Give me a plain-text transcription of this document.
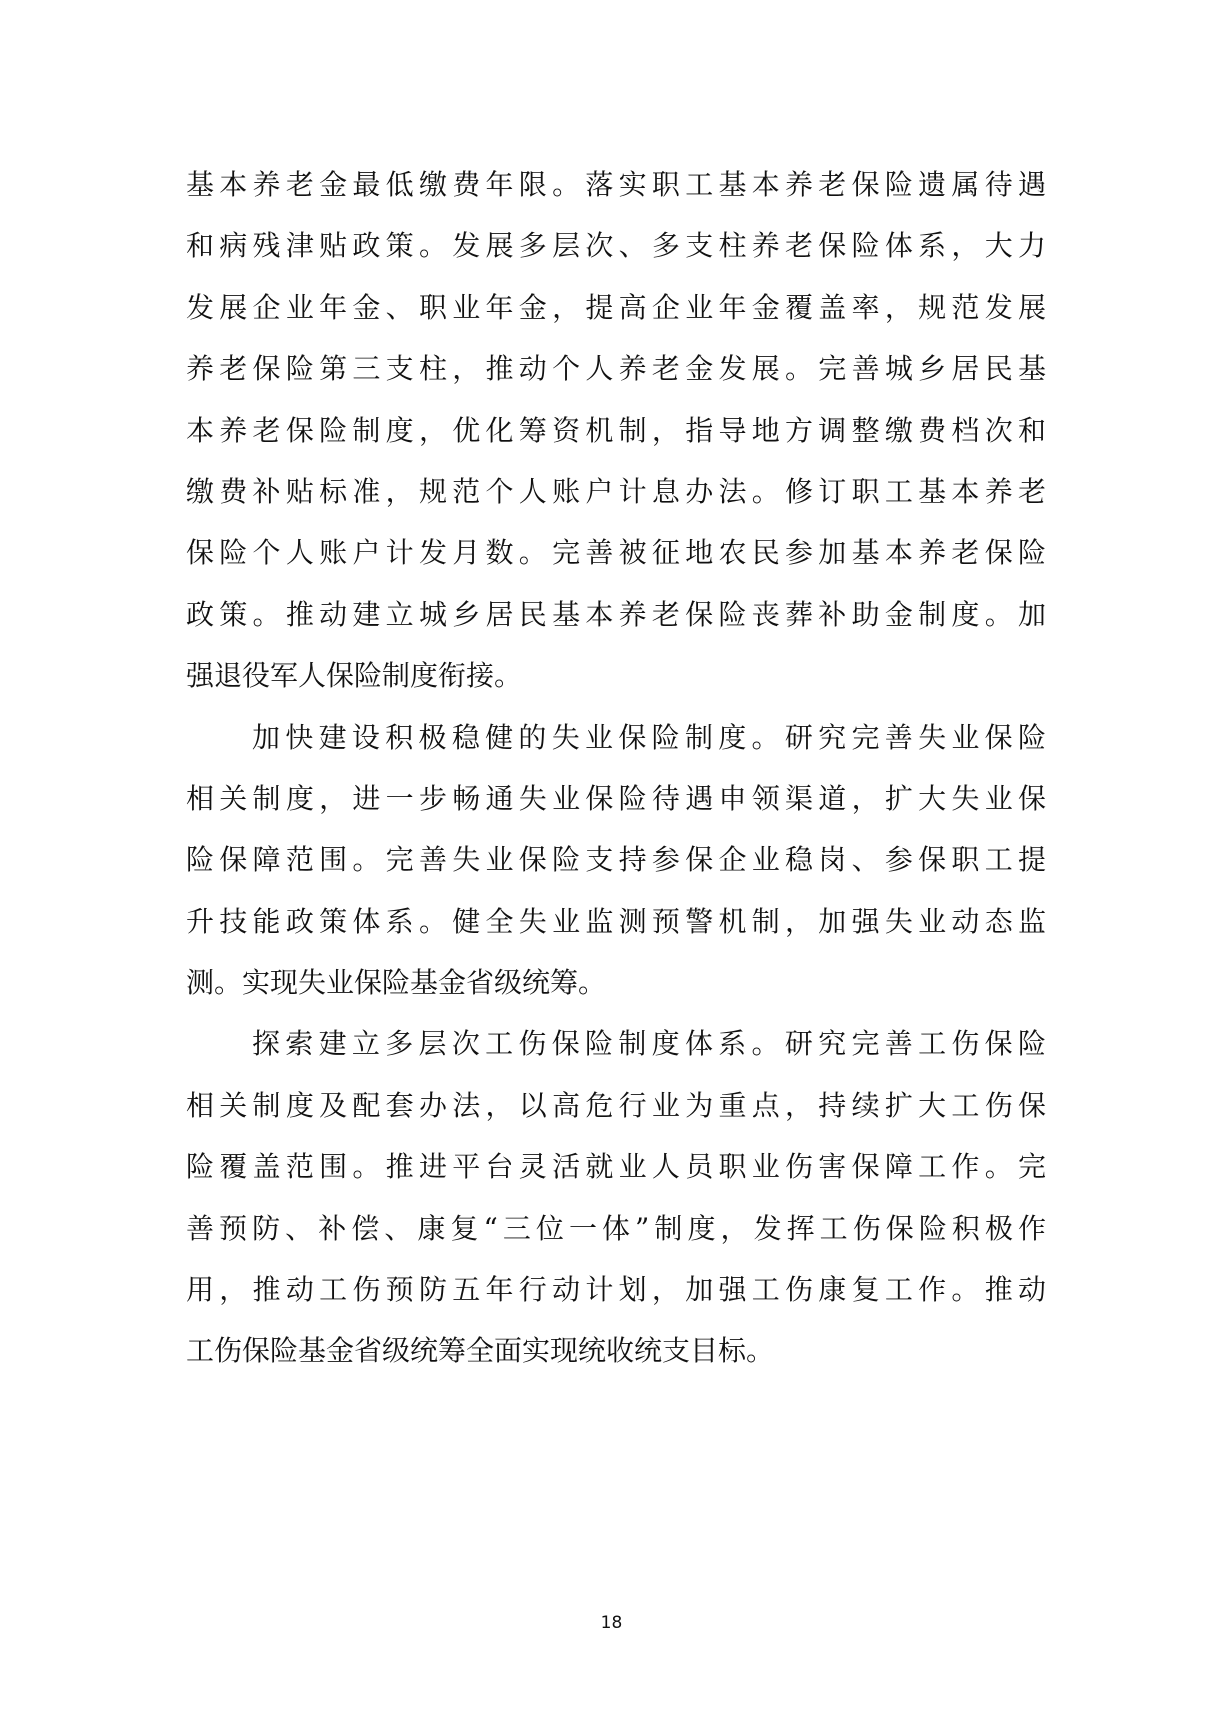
基本养老金最低缴费年限。落实职工基本养老保险遗属待遇
和病残津贴政策。发展多层次、多支柱养老保险体系，大力
发展企业年金、职业年金，提高企业年金覆盖率，规范发展
养老保险第三支柱，推动个人养老金发展。完善城乡居民基
本养老保险制度，优化筹资机制，指导地方调整缴费档次和
缴费补贴标准，规范个人账户计息办法。修订职工基本养老
保险个人账户计发月数。完善被征地农民参加基本养老保险
政策。推动建立城乡居民基本养老保险丧葬补助金制度。加
强退役军人保险制度衔接。
加快建设积极稳健的失业保险制度。研究完善失业保险
相关制度，进一步畅通失业保险待遇申领渠道，扩大失业保
险保障范围。完善失业保险支持参保企业稳岗、参保职工提
升技能政策体系。健全失业监测预警机制，加强失业动态监
测。实现失业保险基金省级统筹。
探索建立多层次工伤保险制度体系。研究完善工伤保险
相关制度及配套办法，以高危行业为重点，持续扩大工伤保
险覆盖范围。推进平台灵活就业人员职业伤害保障工作。完
善预防、补偿、康复“三位一体”制度，发挥工伤保险积极作
用，推动工伤预防五年行动计划，加强工伤康复工作。推动
工伤保险基金省级统筹全面实现统收统支目标。
18
